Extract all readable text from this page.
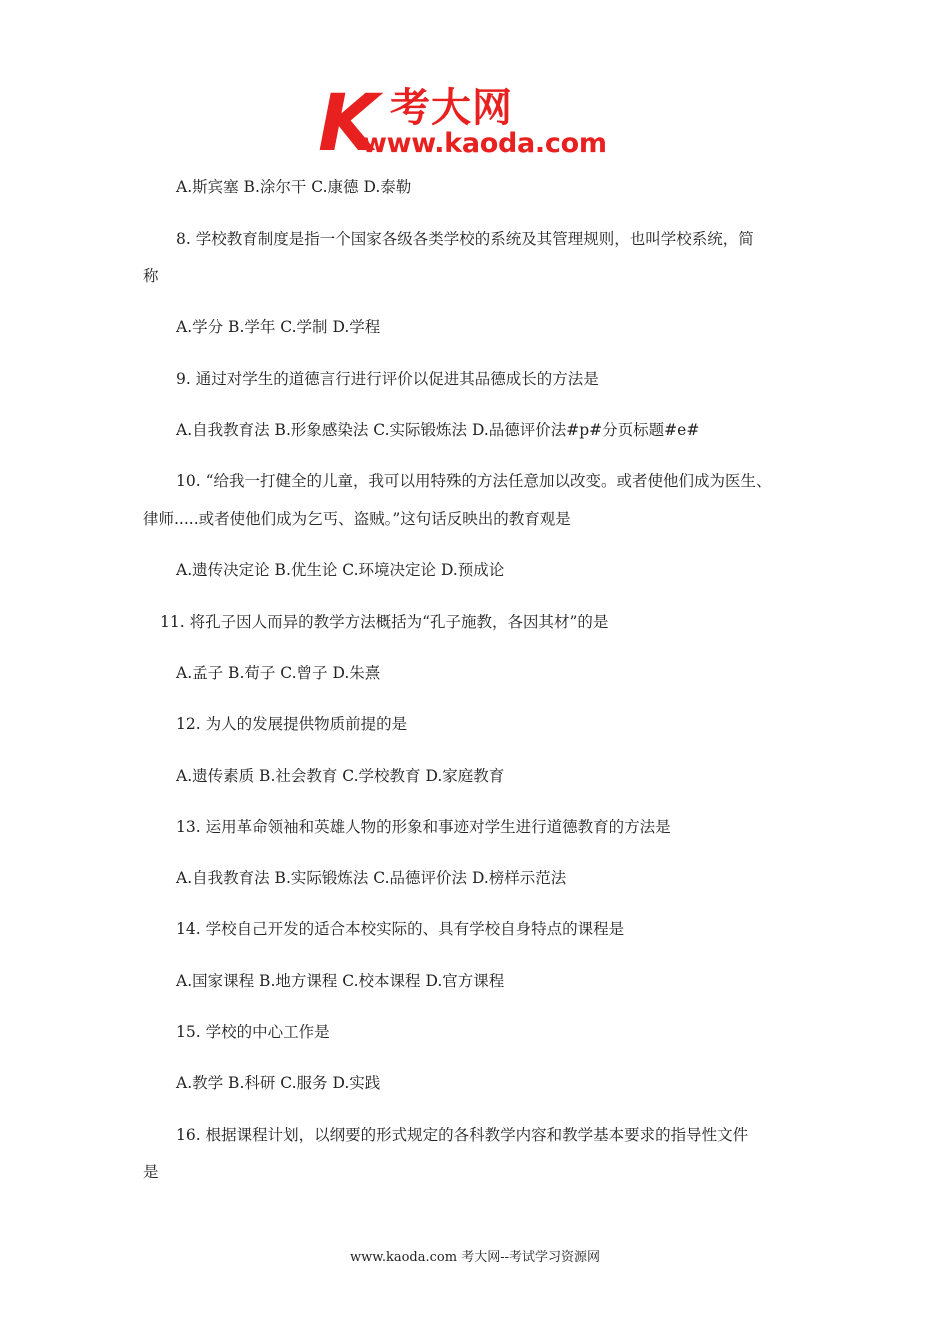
K 考大网
www.kaoda.com

A.斯宾塞 B.涂尔干 C.康德 D.泰勒

8. 学校教育制度是指一个国家各级各类学校的系统及其管理规则，也叫学校系统，简

称

A.学分 B.学年 C.学制 D.学程

9. 通过对学生的道德言行进行评价以促进其品德成长的方法是

A.自我教育法 B.形象感染法 C.实际锻炼法 D.品德评价法#p#分页标题#e#

10. “给我一打健全的儿童，我可以用特殊的方法任意加以改变。或者使他们成为医生、

律师.....或者使他们成为乞丐、盗贼。”这句话反映出的教育观是

A.遗传决定论 B.优生论 C.环境决定论 D.预成论

11. 将孔子因人而异的教学方法概括为“孔子施教，各因其材”的是

A.孟子 B.荀子 C.曾子 D.朱熹

12. 为人的发展提供物质前提的是

A.遗传素质 B.社会教育 C.学校教育 D.家庭教育

13. 运用革命领袖和英雄人物的形象和事迹对学生进行道德教育的方法是

A.自我教育法 B.实际锻炼法 C.品德评价法 D.榜样示范法

14. 学校自己开发的适合本校实际的、具有学校自身特点的课程是

A.国家课程 B.地方课程 C.校本课程 D.官方课程

15. 学校的中心工作是

A.教学 B.科研 C.服务 D.实践

16. 根据课程计划，以纲要的形式规定的各科教学内容和教学基本要求的指导性文件

是

www.kaoda.com 考大网--考试学习资源网
